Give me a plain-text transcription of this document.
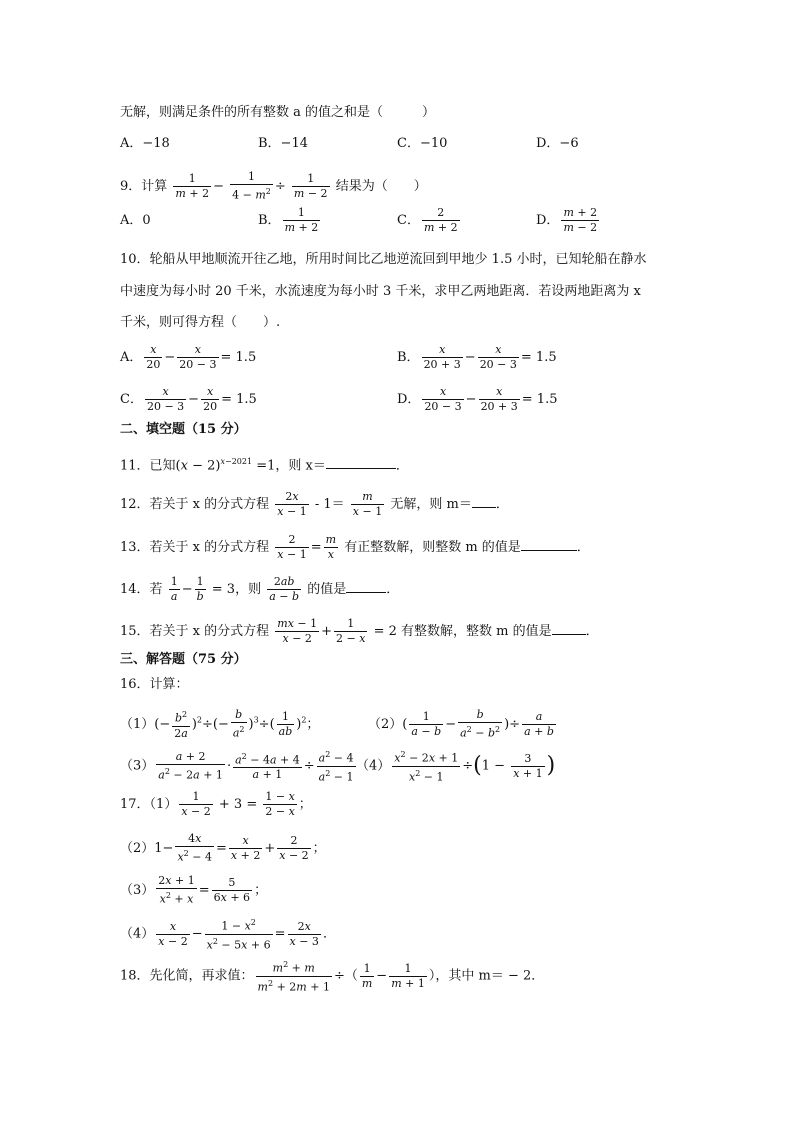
无解，则满足条件的所有整数 a 的值之和是（　　　）
A．−18	B．−14	C．−10	D．−6
9．计算 $\frac{1}{m + 2} - \frac{1}{4 - m^2} \div \frac{1}{m - 2}$ 结果为（　　）
A．0	B． $\frac{1}{m + 2}$	C． $\frac{2}{m + 2}$	D． $\frac{m + 2}{m - 2}$
10．轮船从甲地顺流开往乙地，所用时间比乙地逆流回到甲地少 1.5 小时，已知轮船在静水
中速度为每小时 20 千米，水流速度为每小时 3 千米，求甲乙两地距离．若设两地距离为 x
千米，则可得方程（　　）.
A． $\frac{x}{20} - \frac{x}{20 - 3} = 1.5$	B． $\frac{x}{20 + 3} - \frac{x}{20 - 3} = 1.5$
C． $\frac{x}{20 - 3} - \frac{x}{20} = 1.5$	D． $\frac{x}{20 - 3} - \frac{x}{20 + 3} = 1.5$
二、填空题（15 分）
11．已知$(x - 2)^{x-2021} =1$，则 x＝	．
12．若关于 x 的分式方程 $\frac{2x}{x - 1} - 1= \frac{m}{x - 1}$ 无解，则 m＝ ．
13．若关于 x 的分式方程 $\frac{2}{x - 1} = \frac{m}{x}$ 有正整数解，则整数 m 的值是	．
14．若 $\frac{1}{a} - \frac{1}{b} = 3$，则 $\frac{2ab}{a - b}$ 的值是	．
15．若关于 x 的分式方程 $\frac{mx - 1}{x - 2} + \frac{1}{2 - x} = 2$ 有整数解，整数 m 的值是	．
三、解答题（75 分）
16．计算：
$(1)(- \frac{b^2}{2a} )^2\div(- \frac{b}{a^2} )^3\div( \frac{1}{ab} )^2$；	$(2)( \frac{1}{a - b} - \frac{b}{a^2 - b^2}$ )÷ $\frac{a}{a + b}$
$(3) \frac{a + 2}{a^2 - 2a + 1} \cdot \frac{a^2 - 4a + 4}{a + 1} \div \frac{a^2 - 4}{a^2 - 1} (4) \frac{x^2 - 2x + 1}{x^2 - 1} \div(1 - \frac{3}{x + 1}$ )
17．$(1) \frac{1}{x - 2} + 3 = \frac{1 - x}{2 - x}$ ；
$(2)1- \frac{4x}{x^2 - 4} = \frac{x}{x + 2} + \frac{2}{x - 2}$ ；
$(3) \frac{2x + 1}{x^2 + x} = \frac{5}{6x + 6}$ ；
$(4) \frac{x}{x - 2} - \frac{1 - x^2}{x^2 - 5x + 6} = \frac{2x}{x - 3}$ ．
18．先化简，再求值： $\frac{m^2 + m}{m^2 + 2m + 1}$ ÷（ $\frac{1}{m} - \frac{1}{m + 1}$ ），其中 m＝ − 2．
